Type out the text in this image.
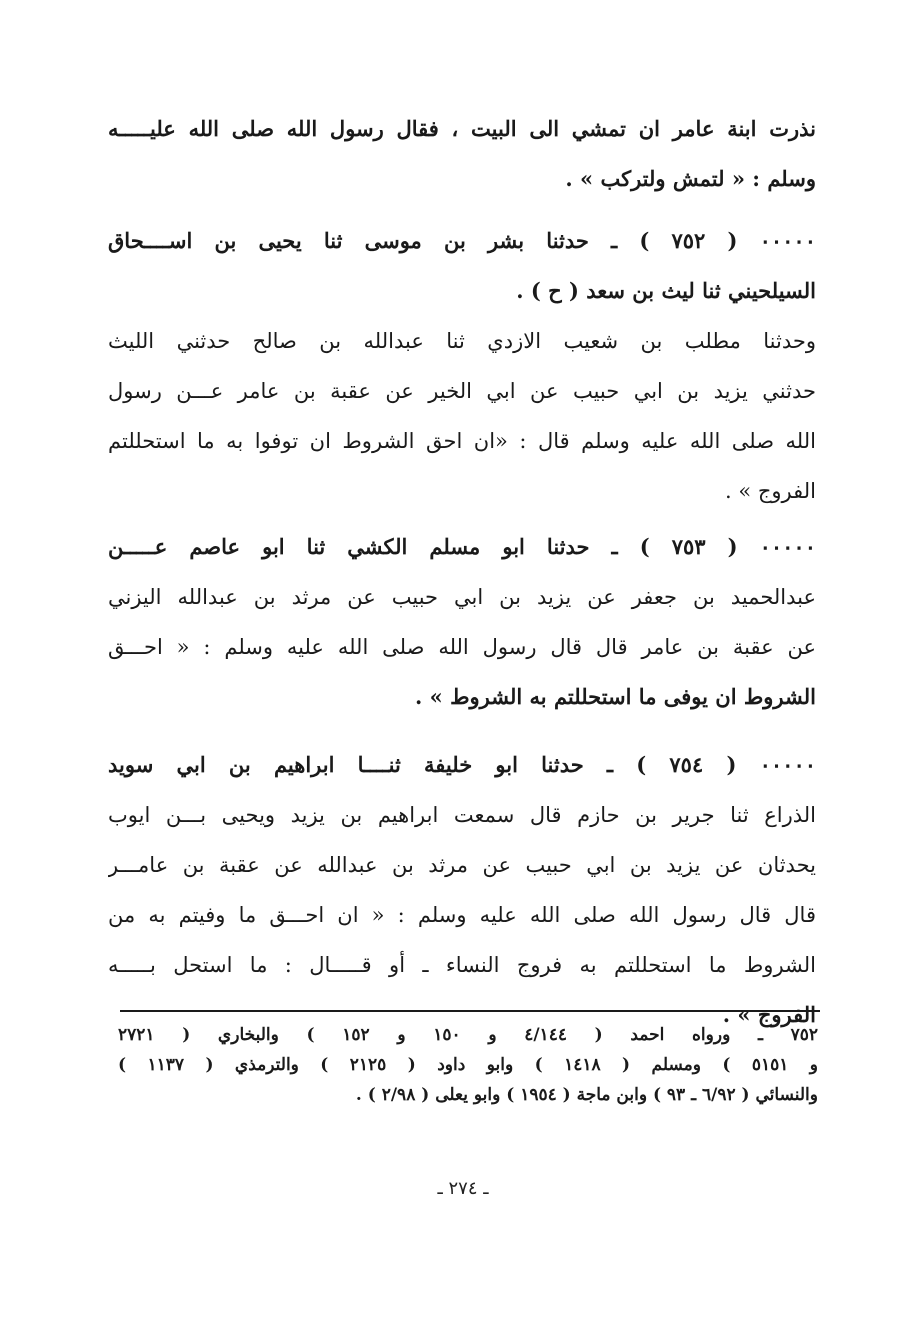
نذرت ابنة عامر ان تمشي الى البيت ، فقال رسول الله صلى الله عليـــــه
وسلم : « لتمش ولتركب » .
٠٠٠٠٠ ( ٧٥٢ ) ـ حدثنا بشر بن موسى ثنا يحيى بن اســــحاق
السيلحيني ثنا ليث بن سعد ( ح ) .
وحدثنا مطلب بن شعيب الازدي ثنا عبدالله بن صالح حدثني الليث
حدثني يزيد بن ابي حبيب عن ابي الخير عن عقبة بن عامر عـــن رسول
الله صلى الله عليه وسلم قال : «ان احق الشروط ان توفوا به ما استحللتم
الفروج » .
٠٠٠٠٠ ( ٧٥٣ ) ـ حدثنا ابو مسلم الكشي ثنا ابو عاصم عـــــن
عبدالحميد بن جعفر عن يزيد بن ابي حبيب عن مرثد بن عبدالله اليزني
عن عقبة بن عامر قال قال رسول الله صلى الله عليه وسلم : « احـــق
الشروط ان يوفى ما استحللتم به الشروط » .
٠٠٠٠٠ ( ٧٥٤ ) ـ حدثنا ابو خليفة ثنــــا ابراهيم بن ابي سويد
الذراع ثنا جرير بن حازم قال سمعت ابراهيم بن يزيد ويحيى بـــن ايوب
يحدثان عن يزيد بن ابي حبيب عن مرثد بن عبدالله عن عقبة بن عامـــر
قال قال رسول الله صلى الله عليه وسلم : « ان احـــق ما وفيتم به من
الشروط ما استحللتم به فروج النساء ـ أو قـــــال : ما استحل بـــــه
الفروج » .
٧٥٢ ـ ورواه احمد ( ٤/١٤٤ و ١٥٠ و ١٥٢ ) والبخاري ( ٢٧٢١
و ٥١٥١ ) ومسلم ( ١٤١٨ ) وابو داود ( ٢١٢٥ ) والترمذي ( ١١٣٧ )
والنسائي ( ٦/٩٢ ـ ٩٣ ) وابن ماجة ( ١٩٥٤ ) وابو يعلى ( ٢/٩٨ ) .
ـ ٢٧٤ ـ
